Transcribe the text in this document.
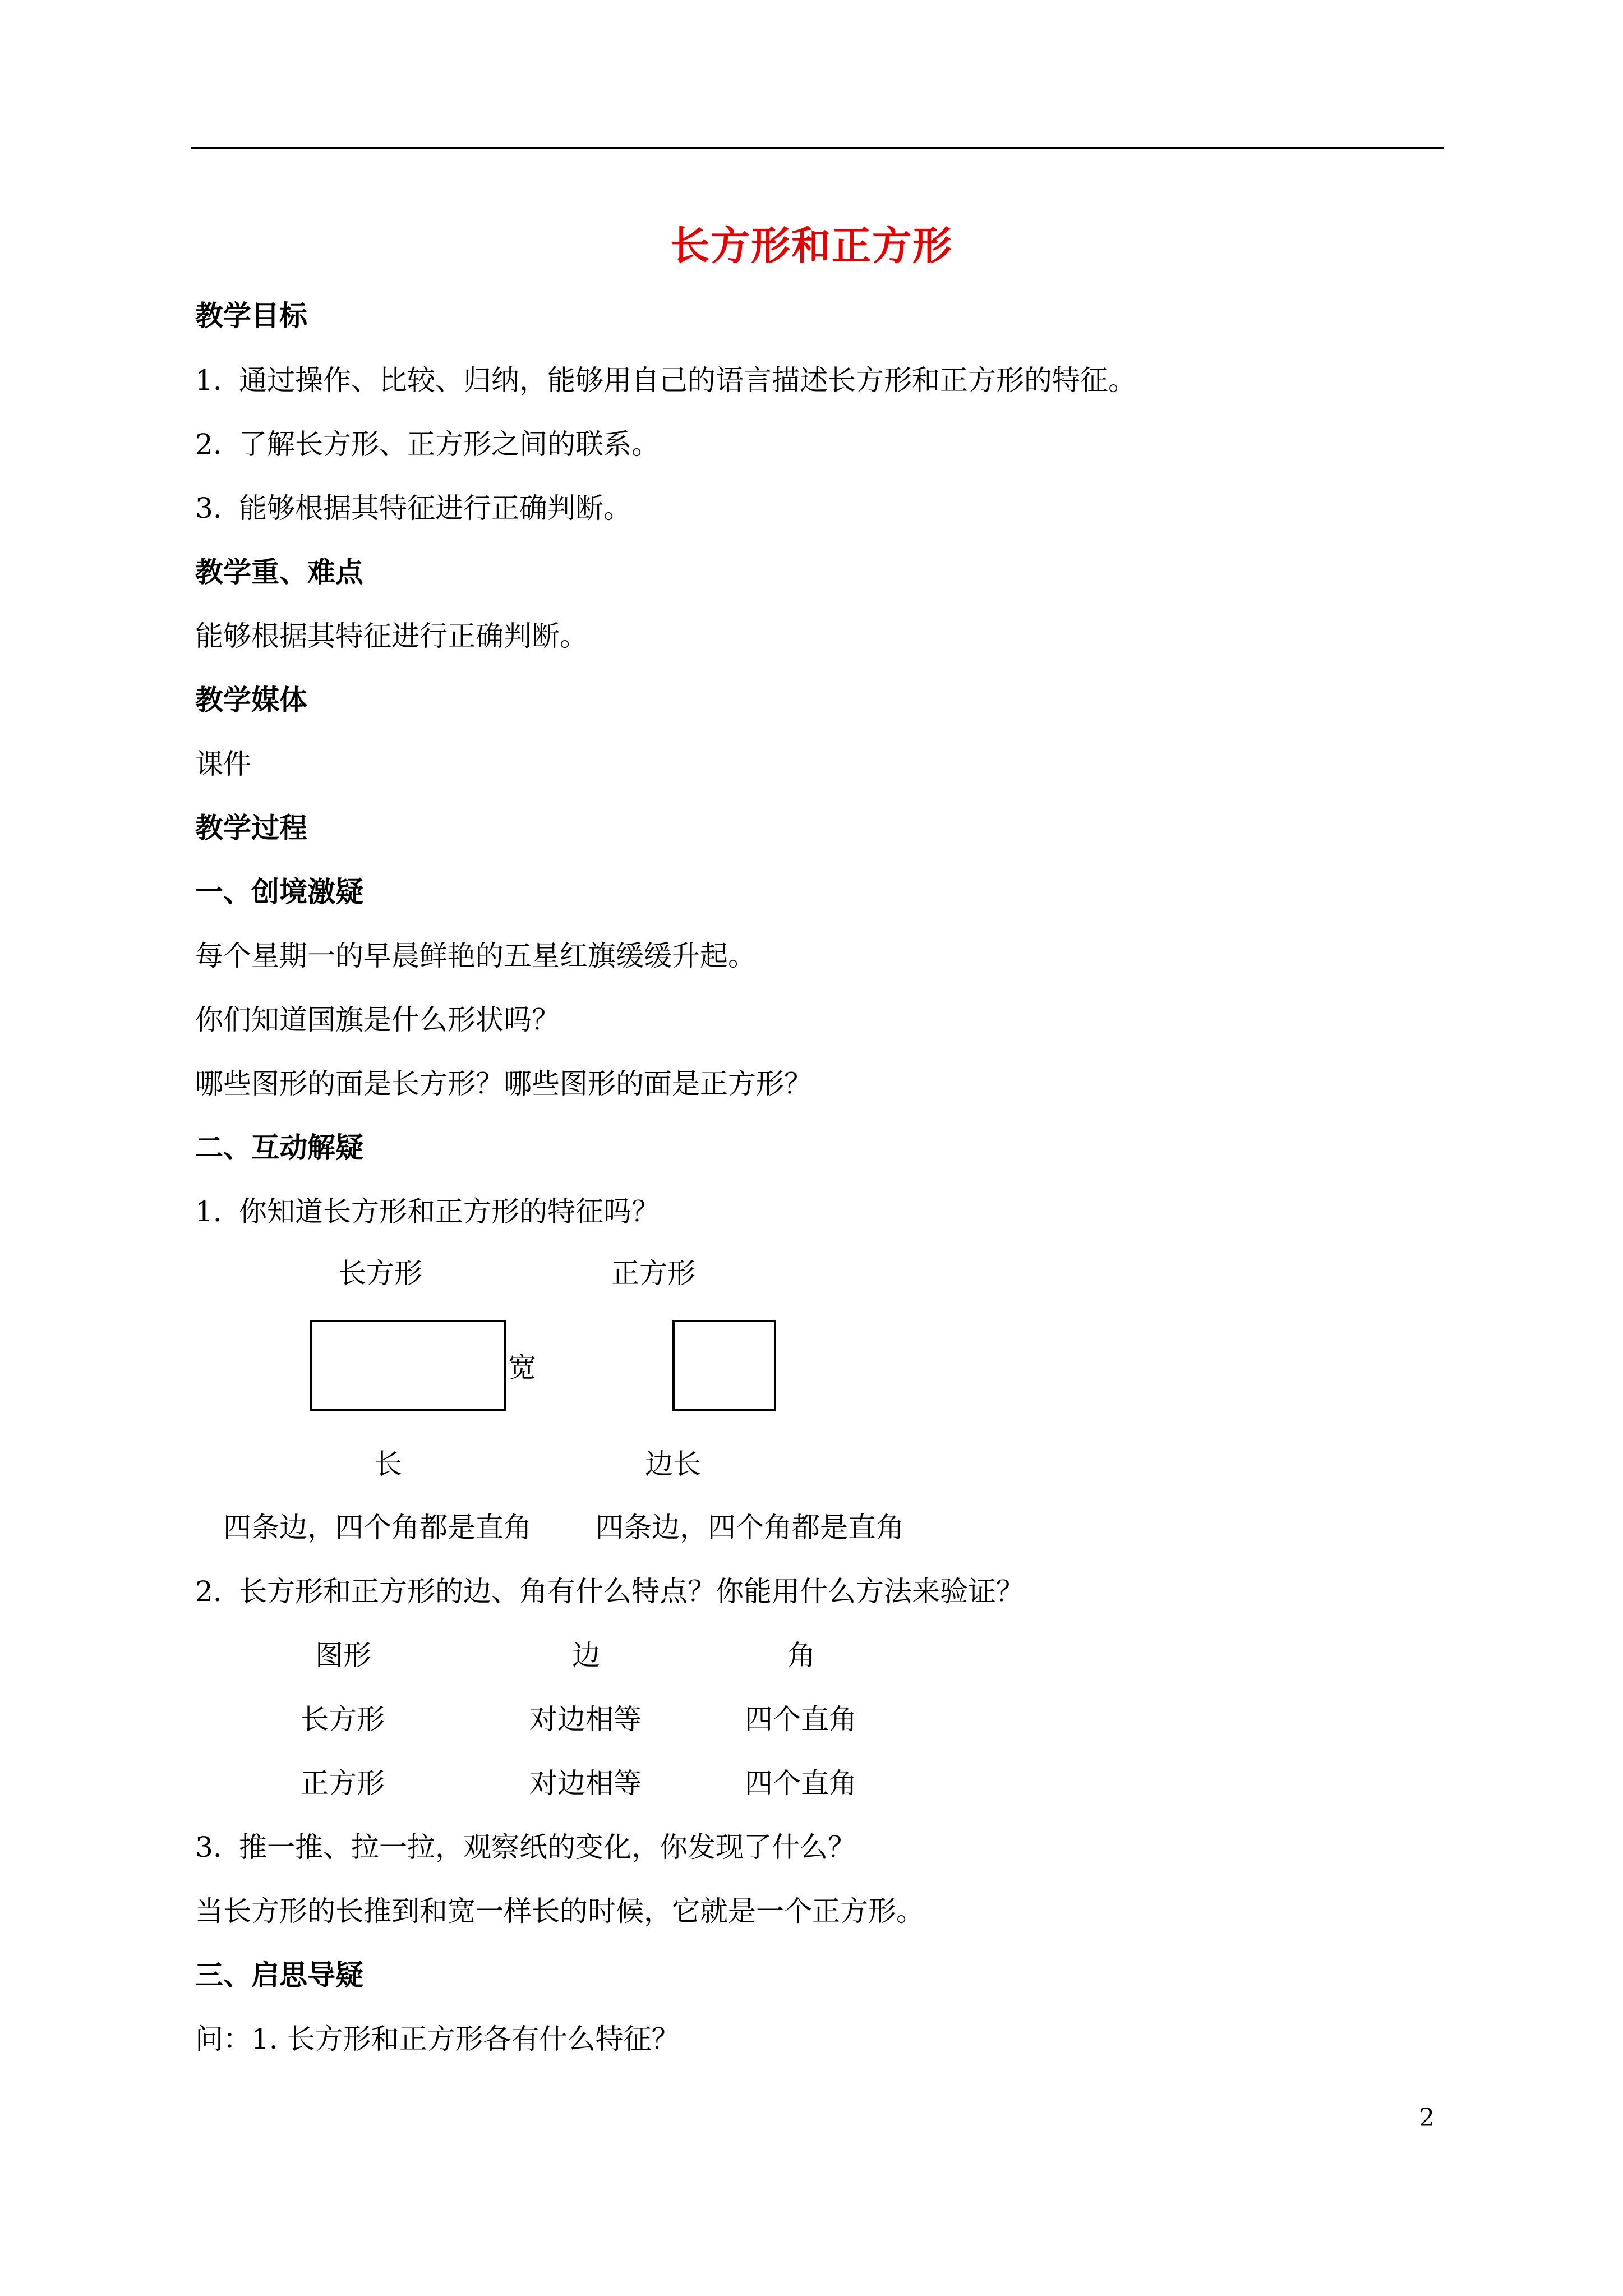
长方形和正方形
教学目标
1. 通过操作、比较、归纳，能够用自己的语言描述长方形和正方形的特征。
2. 了解长方形、正方形之间的联系。
3. 能够根据其特征进行正确判断。
教学重、难点
能够根据其特征进行正确判断。
教学媒体
课件
教学过程
一、创境激疑
每个星期一的早晨鲜艳的五星红旗缓缓升起。
你们知道国旗是什么形状吗？
哪些图形的面是长方形？哪些图形的面是正方形？
二、互动解疑
1. 你知道长方形和正方形的特征吗？
长方形	正方形
宽
长	边长
四条边，四个角都是直角 四条边，四个角都是直角
2. 长方形和正方形的边、角有什么特点？你能用什么方法来验证？
图形	边	角
长方形	对边相等	四个直角
正方形	对边相等	四个直角
3. 推一推、拉一拉，观察纸的变化，你发现了什么？
当长方形的长推到和宽一样长的时候，它就是一个正方形。
三、启思导疑
问：1. 长方形和正方形各有什么特征？
2
